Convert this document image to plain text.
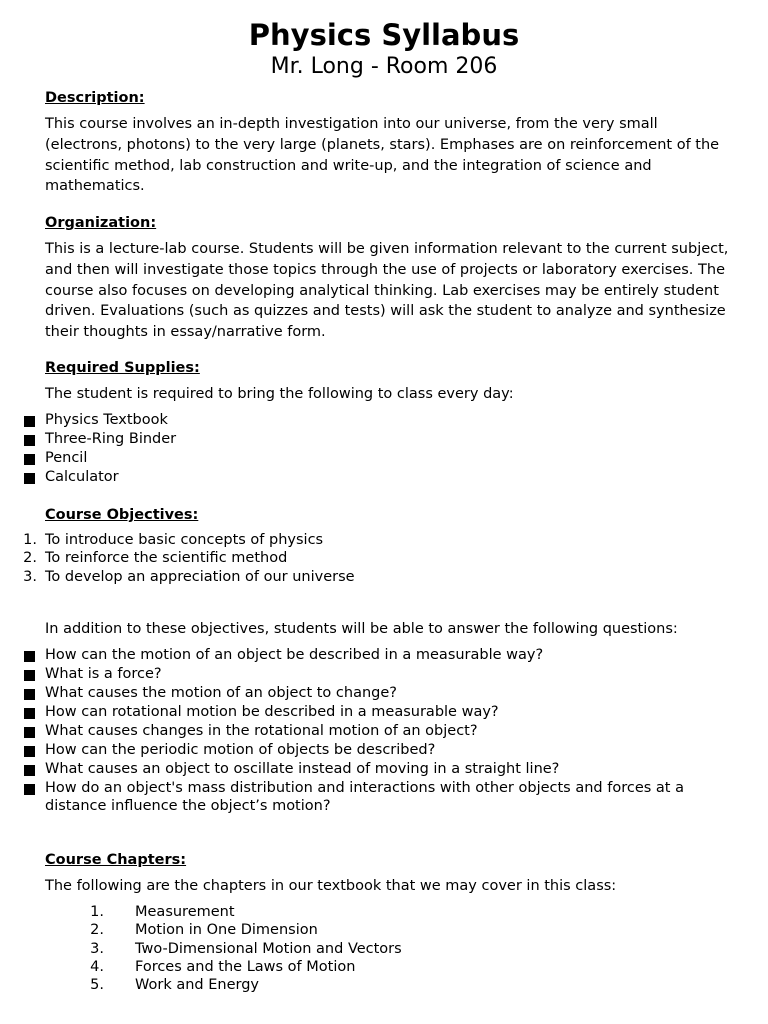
Physics Syllabus
Mr. Long - Room 206
Description:
This course involves an in-depth investigation into our universe, from the very small (electrons, photons) to the very large (planets, stars). Emphases are on reinforcement of the scientific method, lab construction and write-up, and the integration of science and mathematics.
Organization:
This is a lecture-lab course. Students will be given information relevant to the current subject, and then will investigate those topics through the use of projects or laboratory exercises. The course also focuses on developing analytical thinking. Lab exercises may be entirely student driven. Evaluations (such as quizzes and tests) will ask the student to analyze and synthesize their thoughts in essay/narrative form.
Required Supplies:
The student is required to bring the following to class every day:
Physics Textbook
Three-Ring Binder
Pencil
Calculator
Course Objectives:
1. To introduce basic concepts of physics
2. To reinforce the scientific method
3. To develop an appreciation of our universe
In addition to these objectives, students will be able to answer the following questions:
How can the motion of an object be described in a measurable way?
What is a force?
What causes the motion of an object to change?
How can rotational motion be described in a measurable way?
What causes changes in the rotational motion of an object?
How can the periodic motion of objects be described?
What causes an object to oscillate instead of moving in a straight line?
How do an object's mass distribution and interactions with other objects and forces at a distance influence the object’s motion?
Course Chapters:
The following are the chapters in our textbook that we may cover in this class:
1. Measurement
2. Motion in One Dimension
3. Two-Dimensional Motion and Vectors
4. Forces and the Laws of Motion
5. Work and Energy
